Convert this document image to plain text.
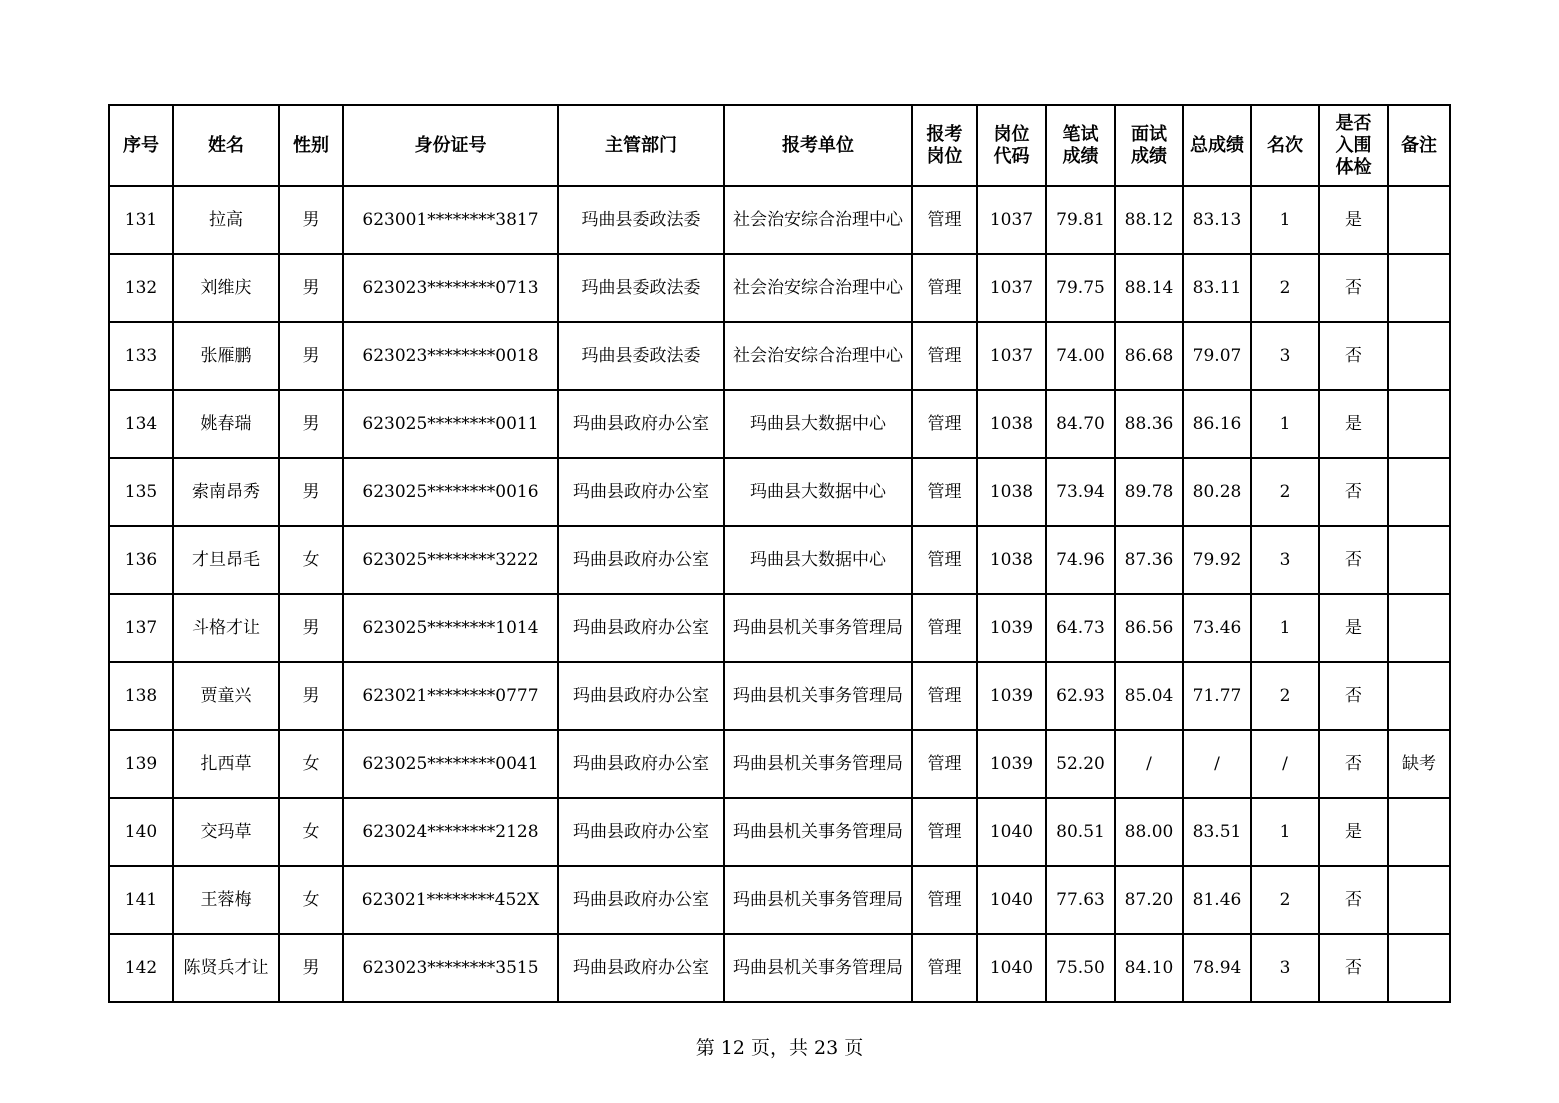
序号	姓名	性别	身份证号	主管部门	报考单位	报考岗位	岗位代码	笔试成绩	面试成绩	总成绩	名次	是否入围体检	备注
131	拉高	男	623001********3817	玛曲县委政法委	社会治安综合治理中心	管理	1037	79.81	88.12	83.13	1	是	
132	刘维庆	男	623023********0713	玛曲县委政法委	社会治安综合治理中心	管理	1037	79.75	88.14	83.11	2	否	
133	张雁鹏	男	623023********0018	玛曲县委政法委	社会治安综合治理中心	管理	1037	74.00	86.68	79.07	3	否	
134	姚春瑞	男	623025********0011	玛曲县政府办公室	玛曲县大数据中心	管理	1038	84.70	88.36	86.16	1	是	
135	索南昂秀	男	623025********0016	玛曲县政府办公室	玛曲县大数据中心	管理	1038	73.94	89.78	80.28	2	否	
136	才旦昂毛	女	623025********3222	玛曲县政府办公室	玛曲县大数据中心	管理	1038	74.96	87.36	79.92	3	否	
137	斗格才让	男	623025********1014	玛曲县政府办公室	玛曲县机关事务管理局	管理	1039	64.73	86.56	73.46	1	是	
138	贾童兴	男	623021********0777	玛曲县政府办公室	玛曲县机关事务管理局	管理	1039	62.93	85.04	71.77	2	否	
139	扎西草	女	623025********0041	玛曲县政府办公室	玛曲县机关事务管理局	管理	1039	52.20	/	/	/	否	缺考
140	交玛草	女	623024********2128	玛曲县政府办公室	玛曲县机关事务管理局	管理	1040	80.51	88.00	83.51	1	是	
141	王蓉梅	女	623021********452X	玛曲县政府办公室	玛曲县机关事务管理局	管理	1040	77.63	87.20	81.46	2	否	
142	陈贤兵才让	男	623023********3515	玛曲县政府办公室	玛曲县机关事务管理局	管理	1040	75.50	84.10	78.94	3	否	
第 12 页，共 23 页
